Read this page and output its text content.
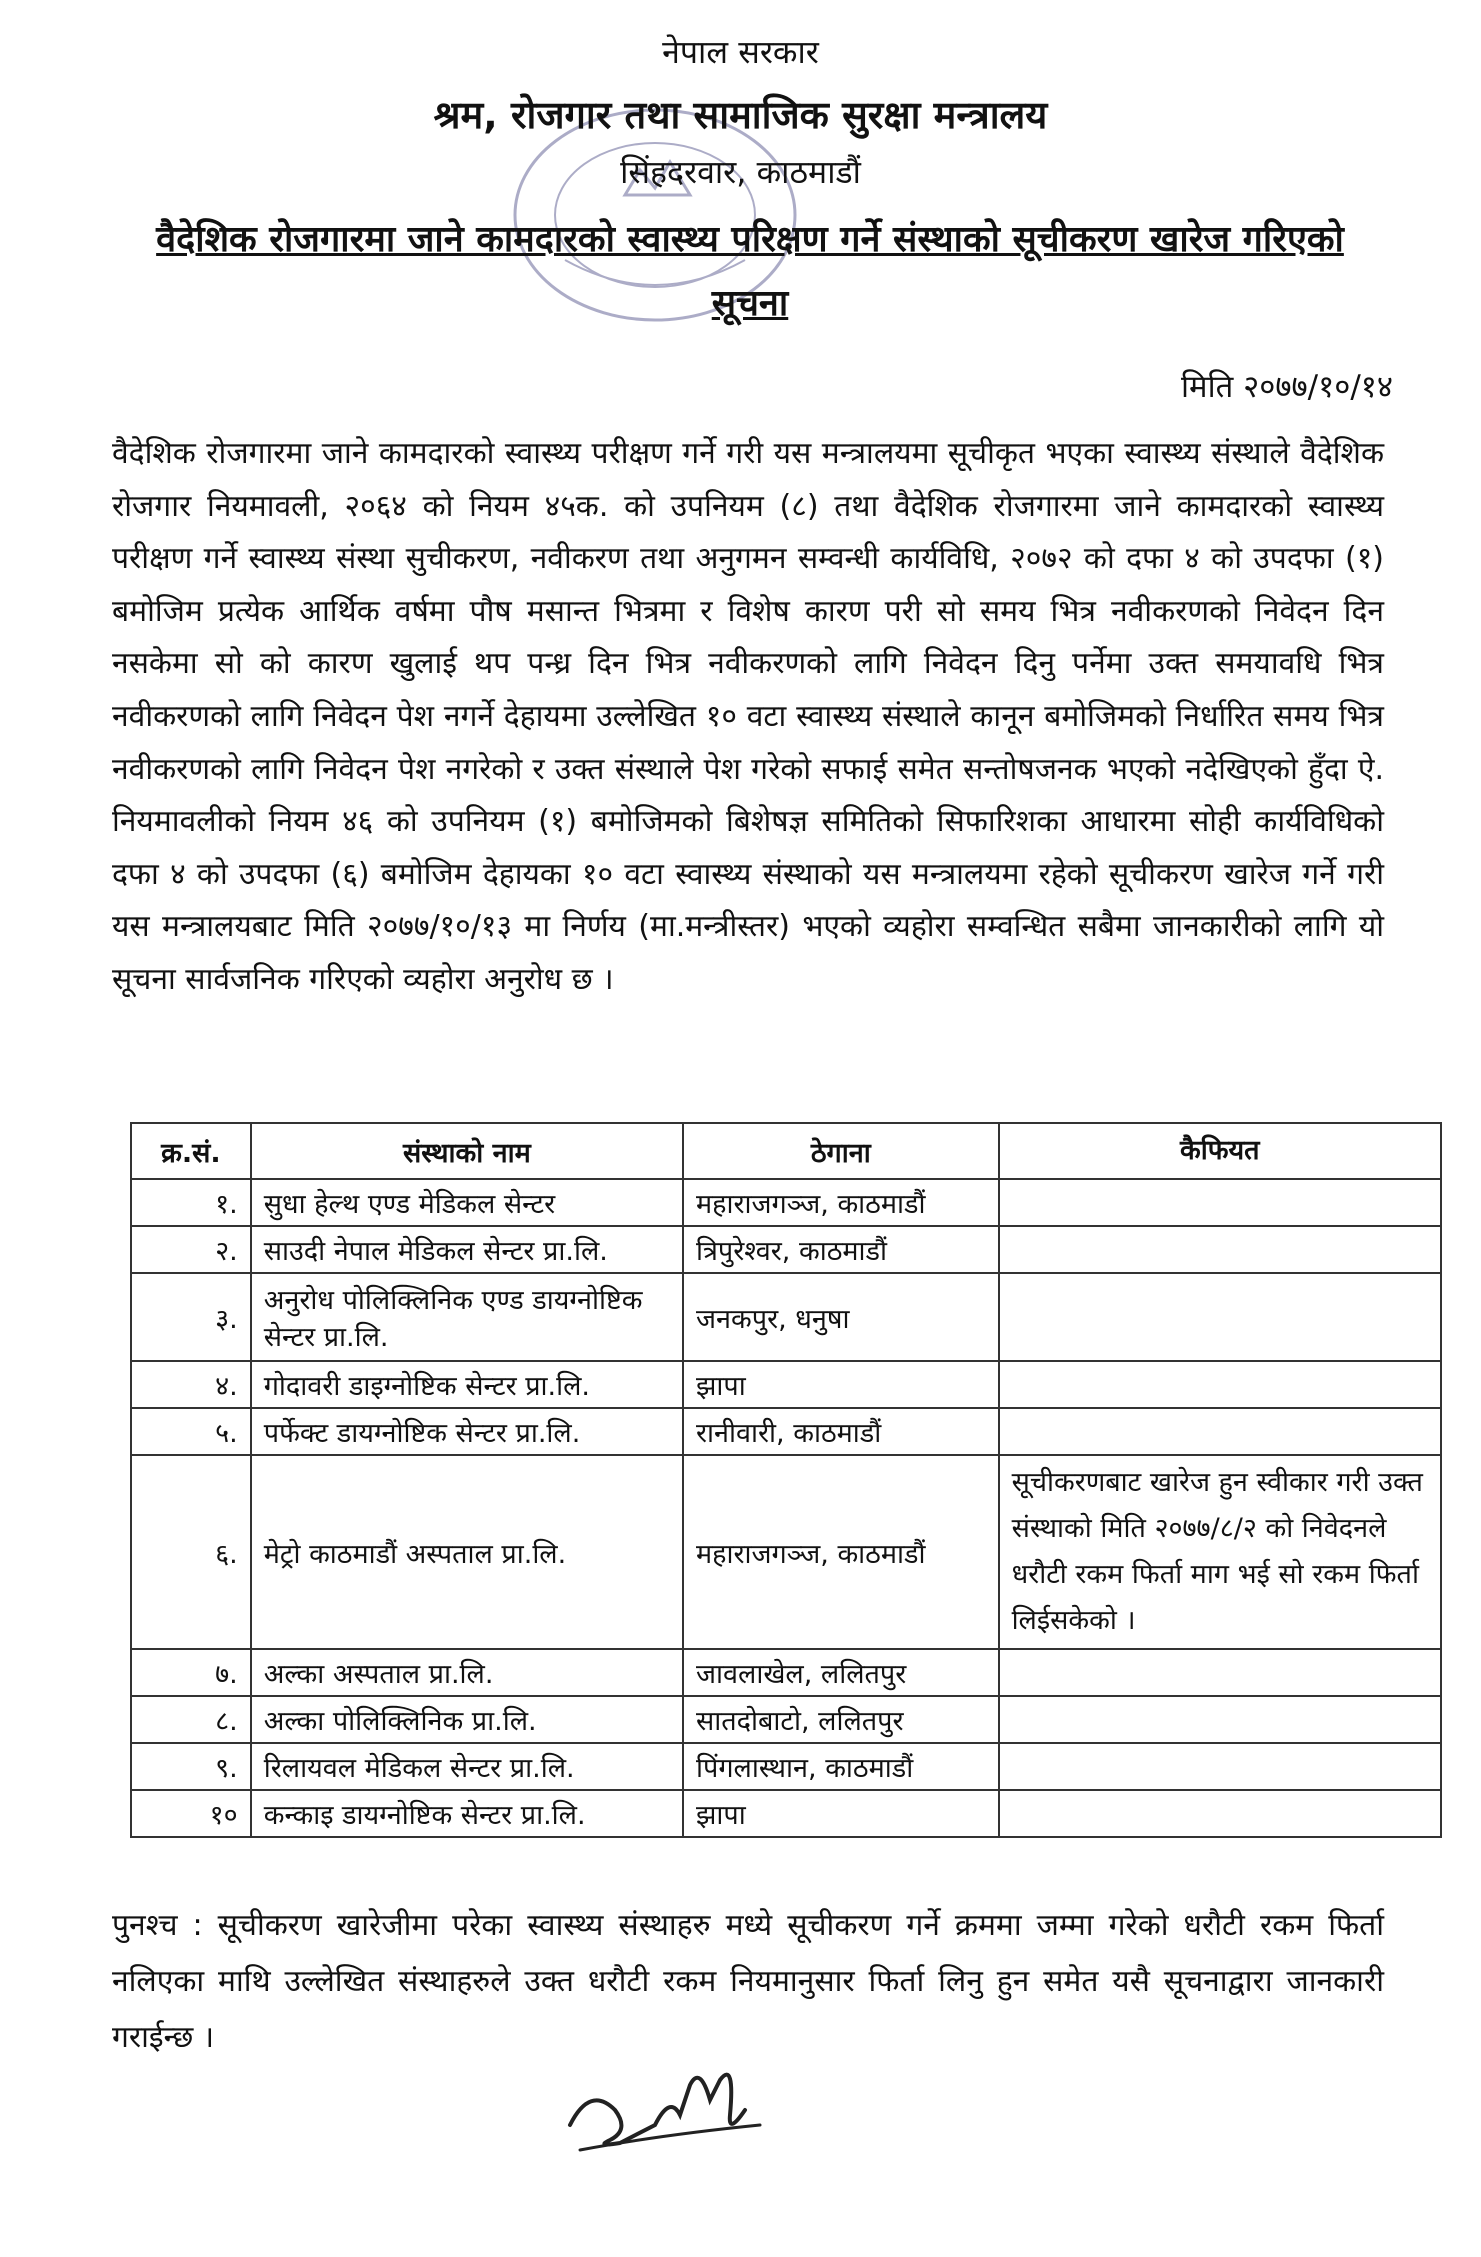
नेपाल सरकार
श्रम, रोजगार तथा सामाजिक सुरक्षा मन्त्रालय
सिंहदरवार, काठमाडौं
वैदेशिक रोजगारमा जाने कामदारको स्वास्थ्य परिक्षण गर्ने संस्थाको सूचीकरण खारेज गरिएको सूचना
मिति २०७७/१०/१४
वैदेशिक रोजगारमा जाने कामदारको स्वास्थ्य परीक्षण गर्ने गरी यस मन्त्रालयमा सूचीकृत भएका स्वास्थ्य संस्थाले वैदेशिक रोजगार नियमावली, २०६४ को नियम ४५क. को उपनियम (८) तथा वैदेशिक रोजगारमा जाने कामदारको स्वास्थ्य परीक्षण गर्ने स्वास्थ्य संस्था सुचीकरण, नवीकरण तथा अनुगमन सम्वन्धी कार्यविधि, २०७२ को दफा ४ को उपदफा (१) बमोजिम प्रत्येक आर्थिक वर्षमा पौष मसान्त भित्रमा र विशेष कारण परी सो समय भित्र नवीकरणको निवेदन दिन नसकेमा सो को कारण खुलाई थप पन्ध्र दिन भित्र नवीकरणको लागि निवेदन दिनु पर्नेमा उक्त समयावधि भित्र नवीकरणको लागि निवेदन पेश नगर्ने देहायमा उल्लेखित १० वटा स्वास्थ्य संस्थाले कानून बमोजिमको निर्धारित समय भित्र नवीकरणको लागि निवेदन पेश नगरेको र उक्त संस्थाले पेश गरेको सफाई समेत सन्तोषजनक भएको नदेखिएको हुँदा ऐ. नियमावलीको नियम ४६ को उपनियम (१) बमोजिमको बिशेषज्ञ समितिको सिफारिशका आधारमा सोही कार्यविधिको दफा ४ को उपदफा (६) बमोजिम देहायका १० वटा स्वास्थ्य संस्थाको यस मन्त्रालयमा रहेको सूचीकरण खारेज गर्ने गरी यस मन्त्रालयबाट मिति २०७७/१०/१३ मा निर्णय (मा.मन्त्रीस्तर) भएको व्यहोरा सम्वन्धित सबैमा जानकारीको लागि यो सूचना सार्वजनिक गरिएको व्यहोरा अनुरोध छ ।
क्र.सं.	संस्थाको नाम	ठेगाना	कैफियत
१.	सुधा हेल्थ एण्ड मेडिकल सेन्टर	महाराजगञ्ज, काठमाडौं	
२.	साउदी नेपाल मेडिकल सेन्टर प्रा.लि.	त्रिपुरेश्वर, काठमाडौं	
३.	अनुरोध पोलिक्लिनिक एण्ड डायग्नोष्टिक सेन्टर प्रा.लि.	जनकपुर, धनुषा	
४.	गोदावरी डाइग्नोष्टिक सेन्टर प्रा.लि.	झापा	
५.	पर्फेक्ट डायग्नोष्टिक सेन्टर प्रा.लि.	रानीवारी, काठमाडौं	
६.	मेट्रो काठमाडौं अस्पताल प्रा.लि.	महाराजगञ्ज, काठमाडौं	सूचीकरणबाट खारेज हुन स्वीकार गरी उक्त संस्थाको मिति २०७७/८/२ को निवेदनले धरौटी रकम फिर्ता माग भई सो रकम फिर्ता लिईसकेको ।
७.	अल्का अस्पताल प्रा.लि.	जावलाखेल, ललितपुर	
८.	अल्का पोलिक्लिनिक प्रा.लि.	सातदोबाटो, ललितपुर	
९.	रिलायवल मेडिकल सेन्टर प्रा.लि.	पिंगलास्थान, काठमाडौं	
१०	कन्काइ डायग्नोष्टिक सेन्टर प्रा.लि.	झापा	
पुनश्च : सूचीकरण खारेजीमा परेका स्वास्थ्य संस्थाहरु मध्ये सूचीकरण गर्ने क्रममा जम्मा गरेको धरौटी रकम फिर्ता नलिएका माथि उल्लेखित संस्थाहरुले उक्त धरौटी रकम नियमानुसार फिर्ता लिनु हुन समेत यसै सूचनाद्वारा जानकारी गराईन्छ ।
